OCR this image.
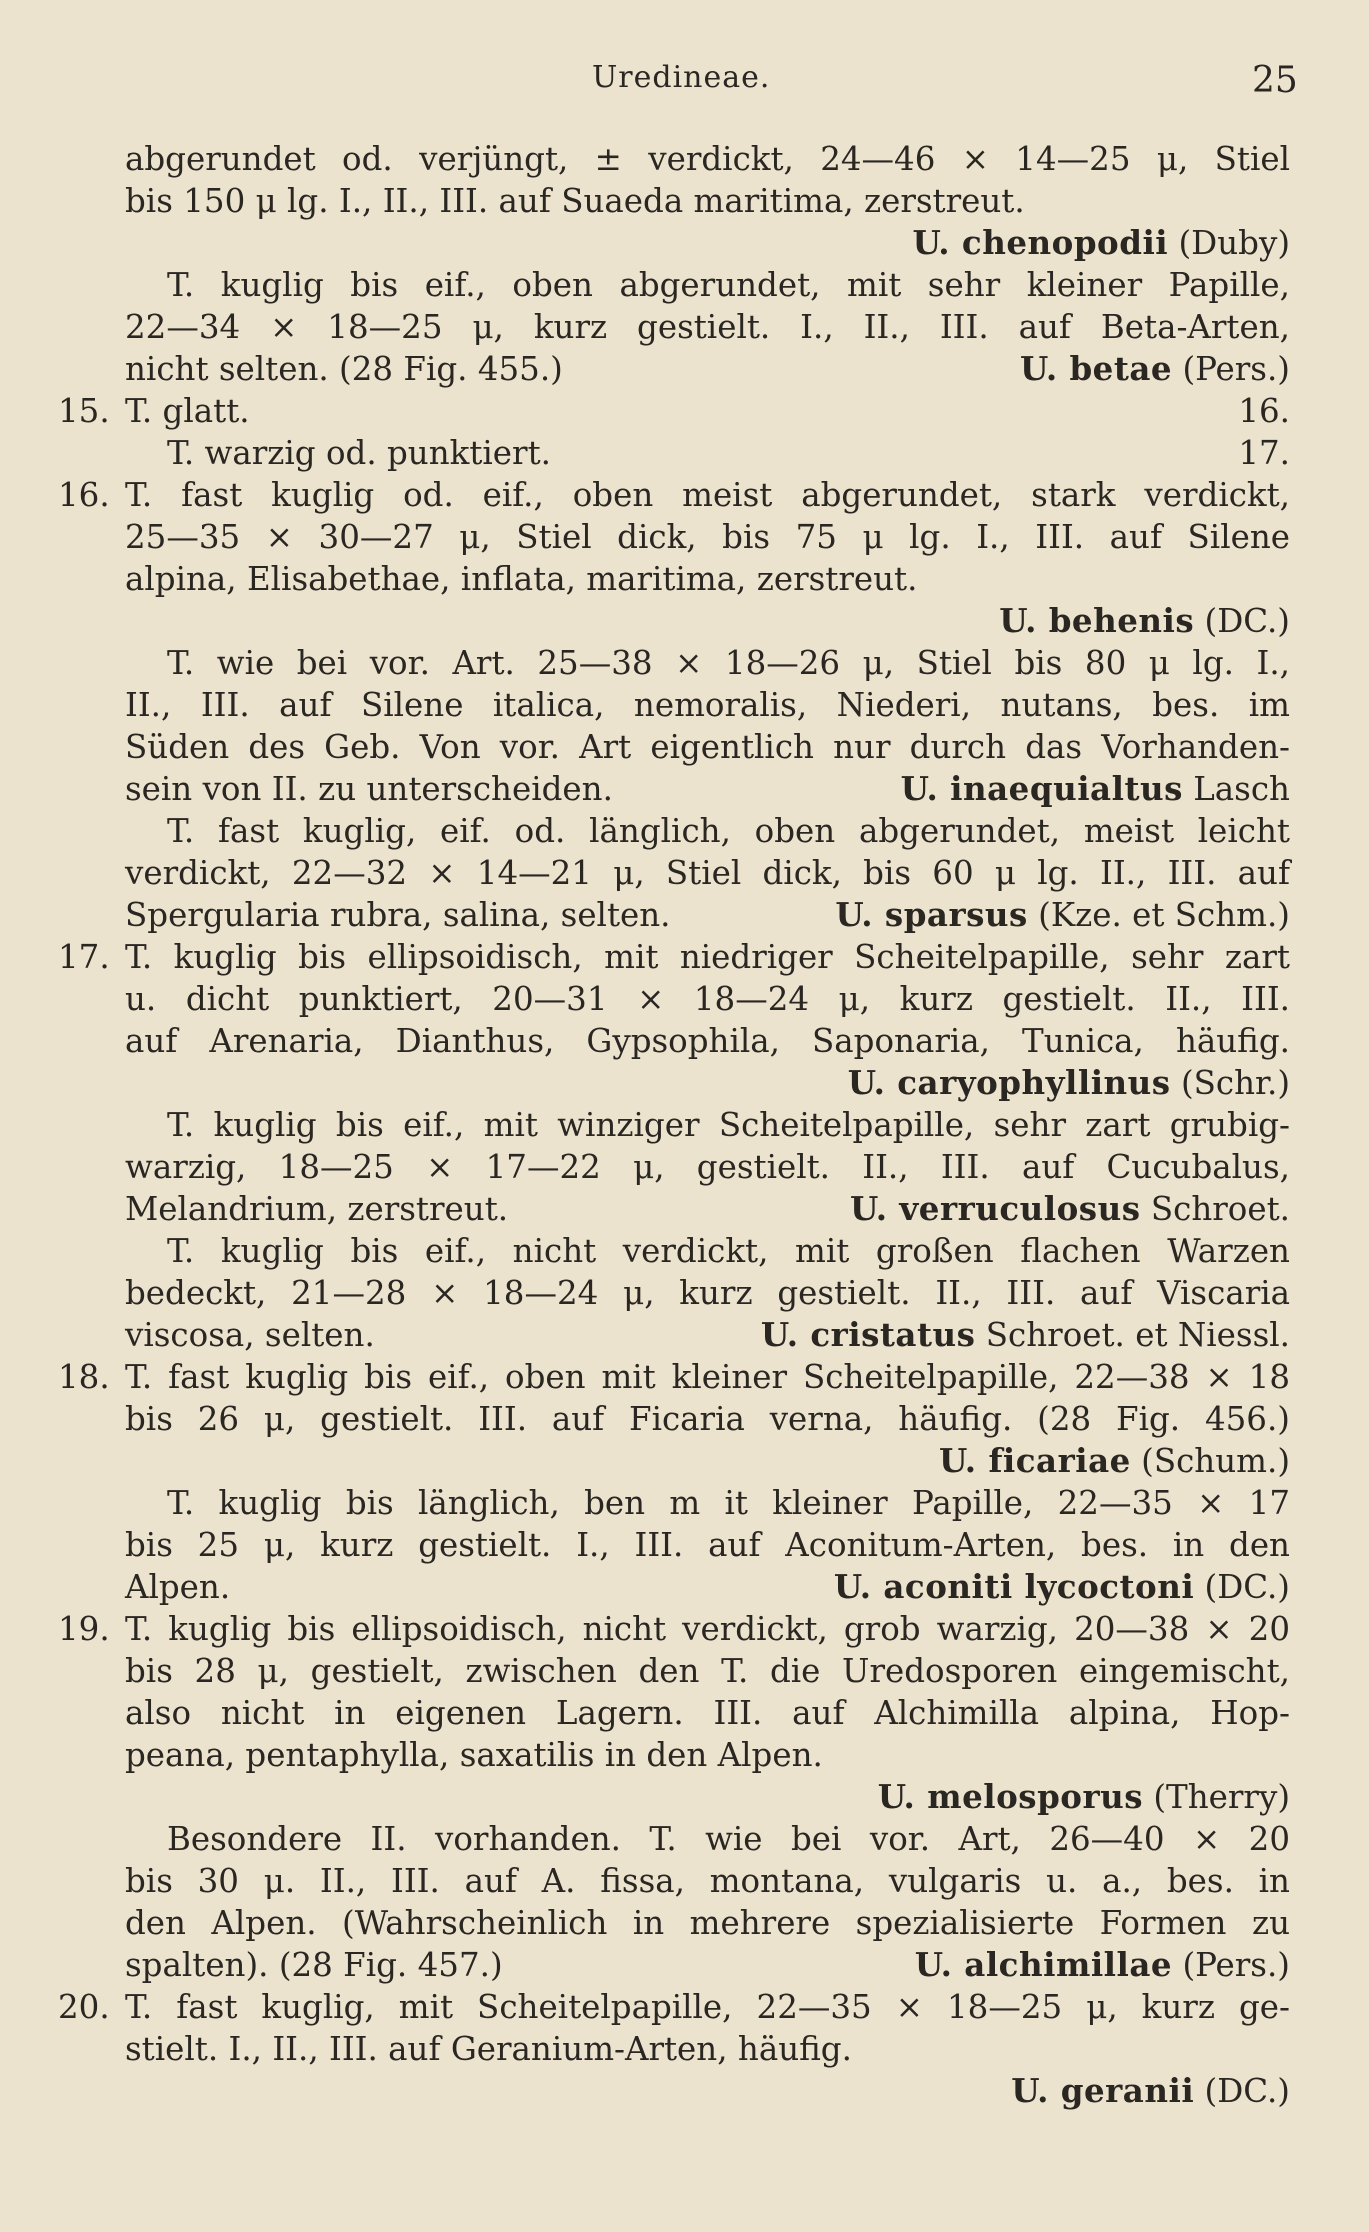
Uredineae.	25
abgerundet od. verjüngt, ± verdickt, 24—46 × 14—25 μ, Stiel
bis 150 μ lg. I., II., III. auf Suaeda maritima, zerstreut.
U. chenopodii (Duby)
T. kuglig bis eif., oben abgerundet, mit sehr kleiner Papille,
22—34 × 18—25 μ, kurz gestielt. I., II., III. auf Beta-Arten,
nicht selten. (28 Fig. 455.)	U. betae (Pers.)
15. T. glatt.	16.
T. warzig od. punktiert.	17.
16. T. fast kuglig od. eif., oben meist abgerundet, stark verdickt,
25—35 × 30—27 μ, Stiel dick, bis 75 μ lg. I., III. auf Silene
alpina, Elisabethae, inflata, maritima, zerstreut.
U. behenis (DC.)
T. wie bei vor. Art. 25—38 × 18—26 μ, Stiel bis 80 μ lg. I.,
II., III. auf Silene italica, nemoralis, Niederi, nutans, bes. im
Süden des Geb. Von vor. Art eigentlich nur durch das Vorhanden-
sein von II. zu unterscheiden.	U. inaequialtus Lasch
T. fast kuglig, eif. od. länglich, oben abgerundet, meist leicht
verdickt, 22—32 × 14—21 μ, Stiel dick, bis 60 μ lg. II., III. auf
Spergularia rubra, salina, selten.	U. sparsus (Kze. et Schm.)
17. T. kuglig bis ellipsoidisch, mit niedriger Scheitelpapille, sehr zart
u. dicht punktiert, 20—31 × 18—24 μ, kurz gestielt. II., III.
auf Arenaria, Dianthus, Gypsophila, Saponaria, Tunica, häufig.
U. caryophyllinus (Schr.)
T. kuglig bis eif., mit winziger Scheitelpapille, sehr zart grubig-
warzig, 18—25 × 17—22 μ, gestielt. II., III. auf Cucubalus,
Melandrium, zerstreut.	U. verruculosus Schroet.
T. kuglig bis eif., nicht verdickt, mit großen flachen Warzen
bedeckt, 21—28 × 18—24 μ, kurz gestielt. II., III. auf Viscaria
viscosa, selten.	U. cristatus Schroet. et Niessl.
18. T. fast kuglig bis eif., oben mit kleiner Scheitelpapille, 22—38 × 18
bis 26 μ, gestielt. III. auf Ficaria verna, häufig. (28 Fig. 456.)
U. ficariae (Schum.)
T. kuglig bis länglich, ben m it kleiner Papille, 22—35 × 17
bis 25 μ, kurz gestielt. I., III. auf Aconitum-Arten, bes. in den
Alpen.	U. aconiti lycoctoni (DC.)
19. T. kuglig bis ellipsoidisch, nicht verdickt, grob warzig, 20—38 × 20
bis 28 μ, gestielt, zwischen den T. die Uredosporen eingemischt,
also nicht in eigenen Lagern. III. auf Alchimilla alpina, Hop-
peana, pentaphylla, saxatilis in den Alpen.
U. melosporus (Therry)
Besondere II. vorhanden. T. wie bei vor. Art, 26—40 × 20
bis 30 μ. II., III. auf A. fissa, montana, vulgaris u. a., bes. in
den Alpen. (Wahrscheinlich in mehrere spezialisierte Formen zu
spalten). (28 Fig. 457.)	U. alchimillae (Pers.)
20. T. fast kuglig, mit Scheitelpapille, 22—35 × 18—25 μ, kurz ge-
stielt. I., II., III. auf Geranium-Arten, häufig.
U. geranii (DC.)
